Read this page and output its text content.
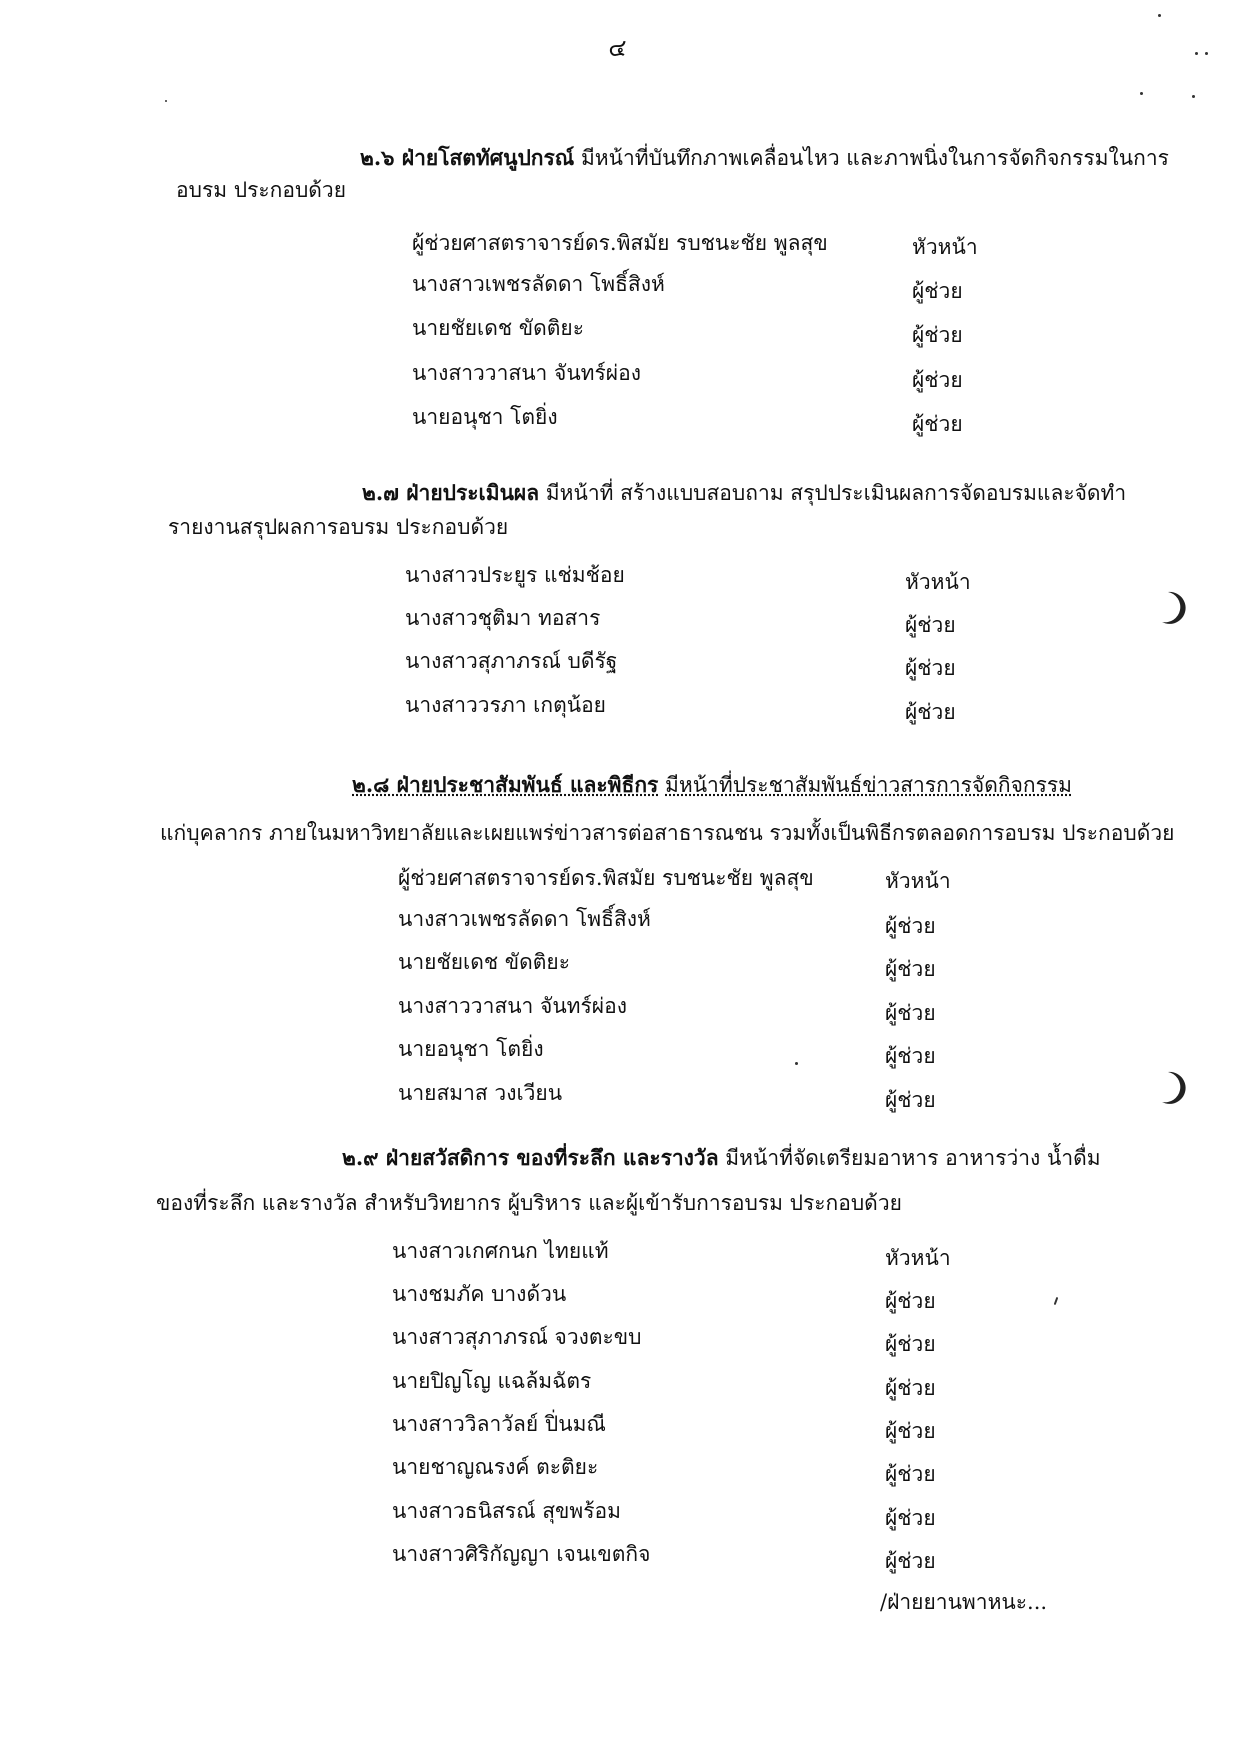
๔
๒.๖ ฝ่ายโสตทัศนูปกรณ์ มีหน้าที่บันทึกภาพเคลื่อนไหว และภาพนิ่งในการจัดกิจกรรมในการ
อบรม ประกอบด้วย
ผู้ช่วยศาสตราจารย์ดร.พิสมัย รบชนะชัย พูลสุข	หัวหน้า
นางสาวเพชรลัดดา โพธิ์สิงห์	ผู้ช่วย
นายชัยเดช ขัดติยะ	ผู้ช่วย
นางสาววาสนา จันทร์ผ่อง	ผู้ช่วย
นายอนุชา โตยิ่ง	ผู้ช่วย
๒.๗ ฝ่ายประเมินผล มีหน้าที่ สร้างแบบสอบถาม สรุปประเมินผลการจัดอบรมและจัดทำ
รายงานสรุปผลการอบรม ประกอบด้วย
นางสาวประยูร แช่มช้อย	หัวหน้า
นางสาวชุติมา ทอสาร	ผู้ช่วย
นางสาวสุภาภรณ์ บดีรัฐ	ผู้ช่วย
นางสาววรภา เกตุน้อย	ผู้ช่วย
๒.๘ ฝ่ายประชาสัมพันธ์ และพิธีกร มีหน้าที่ประชาสัมพันธ์ข่าวสารการจัดกิจกรรม
แก่บุคลากร ภายในมหาวิทยาลัยและเผยแพร่ข่าวสารต่อสาธารณชน รวมทั้งเป็นพิธีกรตลอดการอบรม ประกอบด้วย
ผู้ช่วยศาสตราจารย์ดร.พิสมัย รบชนะชัย พูลสุข	หัวหน้า
นางสาวเพชรลัดดา โพธิ์สิงห์	ผู้ช่วย
นายชัยเดช ขัดติยะ	ผู้ช่วย
นางสาววาสนา จันทร์ผ่อง	ผู้ช่วย
นายอนุชา โตยิ่ง	ผู้ช่วย
นายสมาส วงเวียน	ผู้ช่วย
๒.๙ ฝ่ายสวัสดิการ ของที่ระลึก และรางวัล มีหน้าที่จัดเตรียมอาหาร อาหารว่าง น้ำดื่ม
ของที่ระลึก และรางวัล สำหรับวิทยากร ผู้บริหาร และผู้เข้ารับการอบรม ประกอบด้วย
นางสาวเกศกนก ไทยแท้	หัวหน้า
นางชมภัค บางด้วน	ผู้ช่วย
นางสาวสุภาภรณ์ จวงตะขบ	ผู้ช่วย
นายปิญโญ แฉล้มฉัตร	ผู้ช่วย
นางสาววิลาวัลย์ ปิ่นมณี	ผู้ช่วย
นายชาญณรงค์ ตะติยะ	ผู้ช่วย
นางสาวธนิสรณ์ สุขพร้อม	ผู้ช่วย
นางสาวศิริกัญญา เจนเขตกิจ	ผู้ช่วย
/ฝ่ายยานพาหนะ...
